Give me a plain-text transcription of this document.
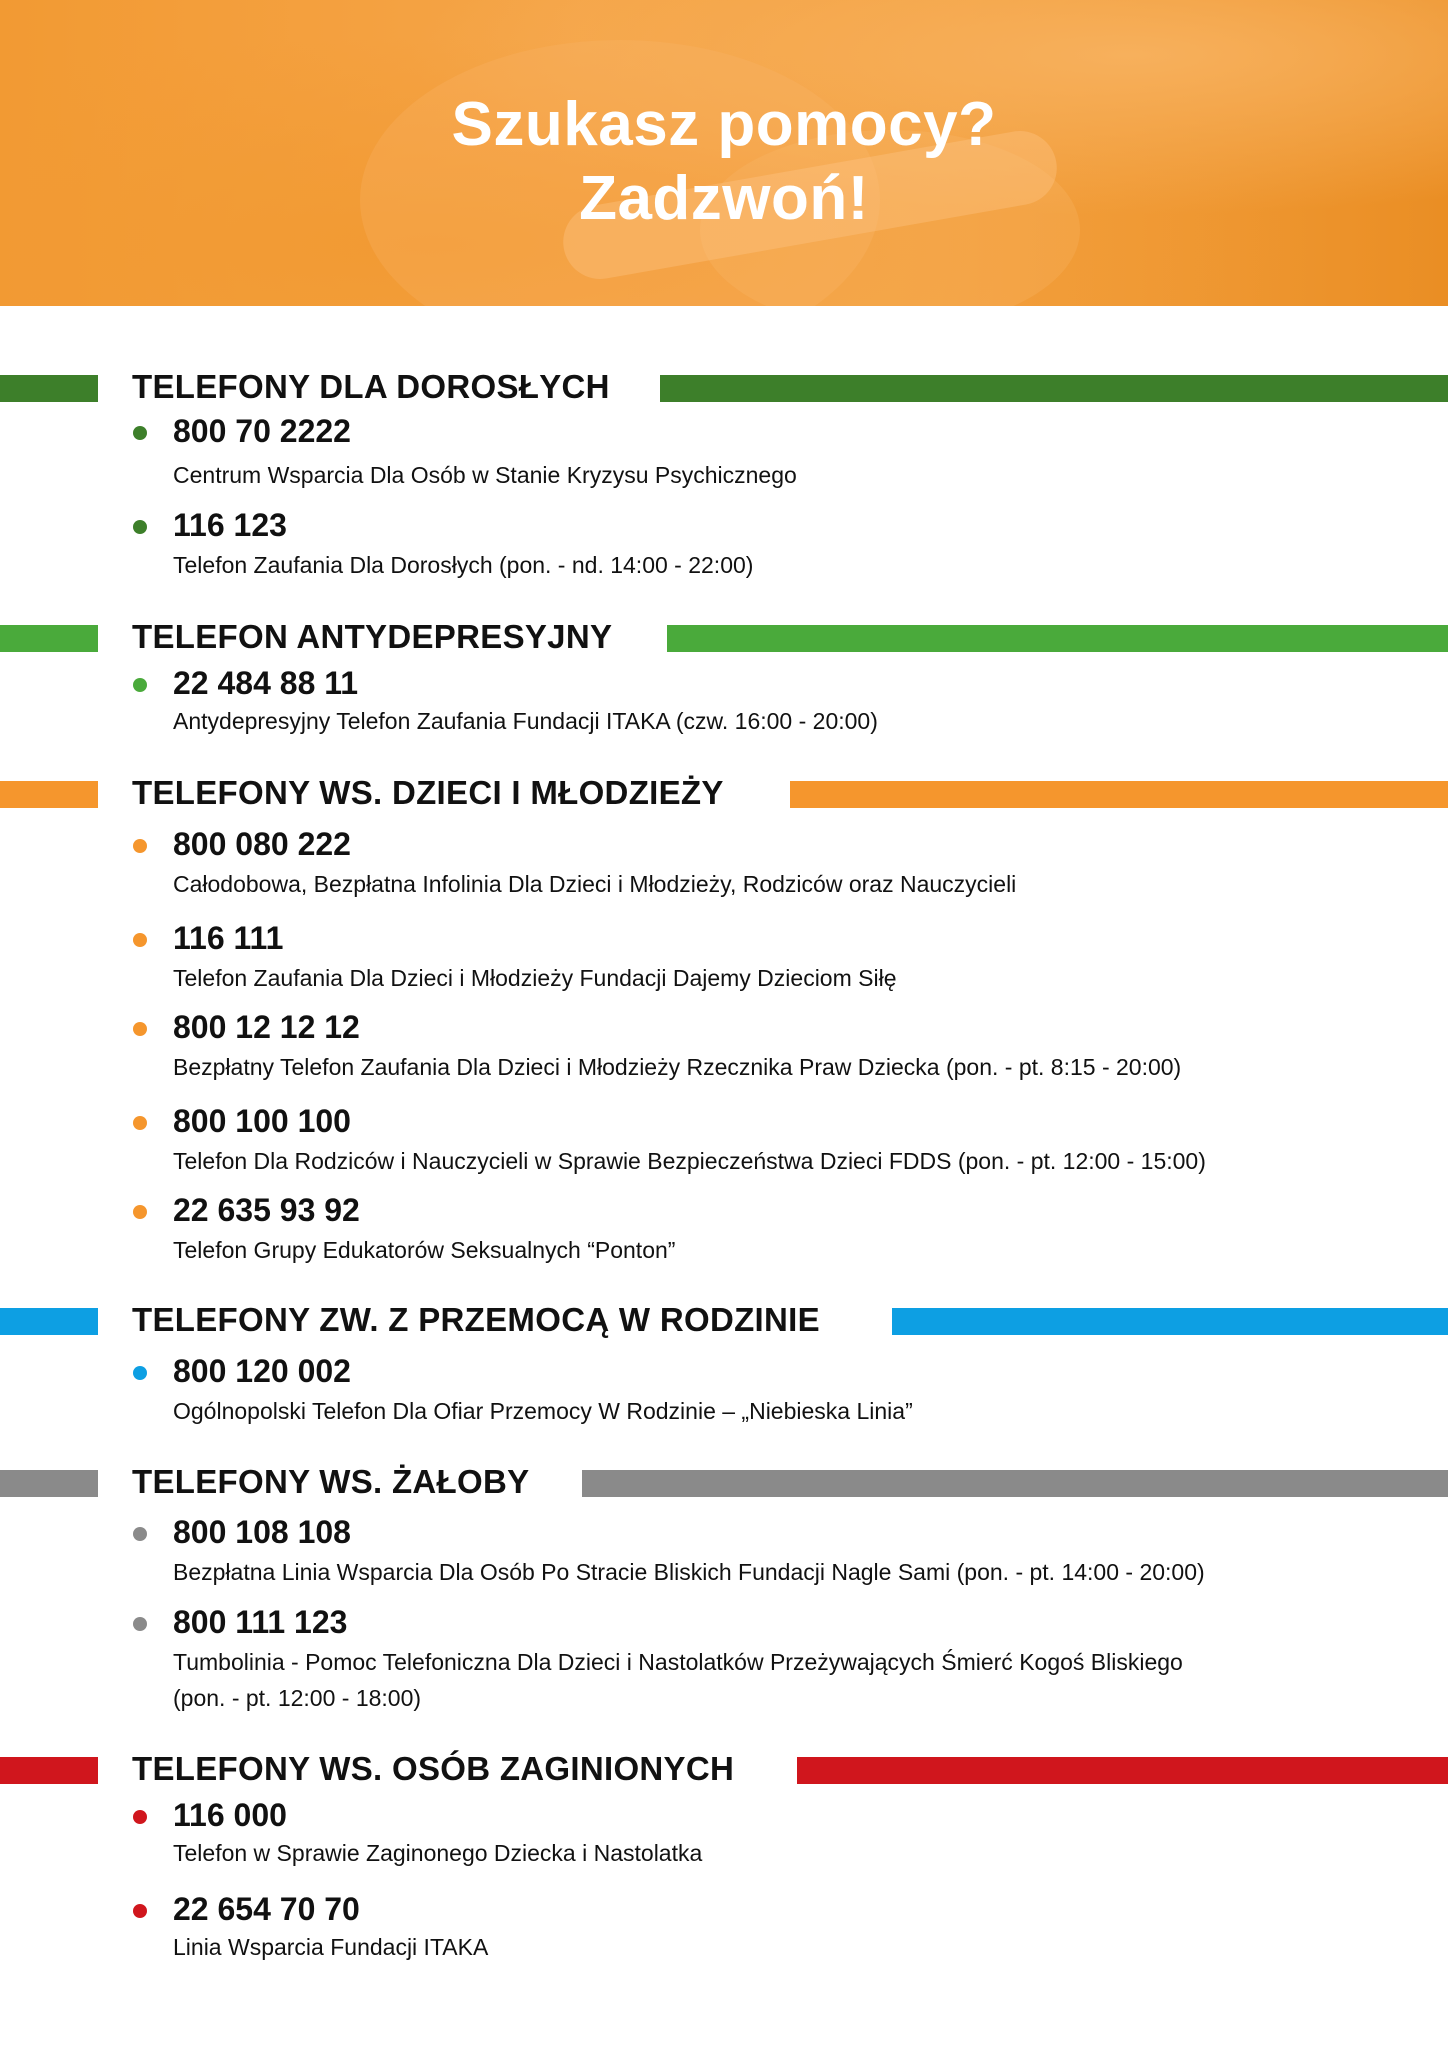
Szukasz pomocy?
Zadzwoń!
TELEFONY DLA DOROSŁYCH
800 70 2222
Centrum Wsparcia Dla Osób w Stanie Kryzysu Psychicznego
116 123
Telefon Zaufania Dla Dorosłych (pon. - nd. 14:00 - 22:00)
TELEFON ANTYDEPRESYJNY
22 484 88 11
Antydepresyjny Telefon Zaufania Fundacji ITAKA (czw. 16:00 - 20:00)
TELEFONY WS. DZIECI I MŁODZIEŻY
800 080 222
Całodobowa, Bezpłatna Infolinia Dla Dzieci i Młodzieży, Rodziców oraz Nauczycieli
116 111
Telefon Zaufania Dla Dzieci i Młodzieży Fundacji Dajemy Dzieciom Siłę
800 12 12 12
Bezpłatny Telefon Zaufania Dla Dzieci i Młodzieży Rzecznika Praw Dziecka (pon. - pt. 8:15 - 20:00)
800 100 100
Telefon Dla Rodziców i Nauczycieli w Sprawie Bezpieczeństwa Dzieci FDDS (pon. - pt. 12:00 - 15:00)
22 635 93 92
Telefon Grupy Edukatorów Seksualnych “Ponton”
TELEFONY ZW. Z PRZEMOCĄ W RODZINIE
800 120 002
Ogólnopolski Telefon Dla Ofiar Przemocy W Rodzinie – „Niebieska Linia”
TELEFONY WS. ŻAŁOBY
800 108 108
Bezpłatna Linia Wsparcia Dla Osób Po Stracie Bliskich Fundacji Nagle Sami (pon. - pt. 14:00 - 20:00)
800 111 123
Tumbolinia - Pomoc Telefoniczna Dla Dzieci i Nastolatków Przeżywających Śmierć Kogoś Bliskiego
(pon. - pt. 12:00 - 18:00)
TELEFONY WS. OSÓB ZAGINIONYCH
116 000
Telefon w Sprawie Zaginonego Dziecka i Nastolatka
22 654 70 70
Linia Wsparcia Fundacji ITAKA
